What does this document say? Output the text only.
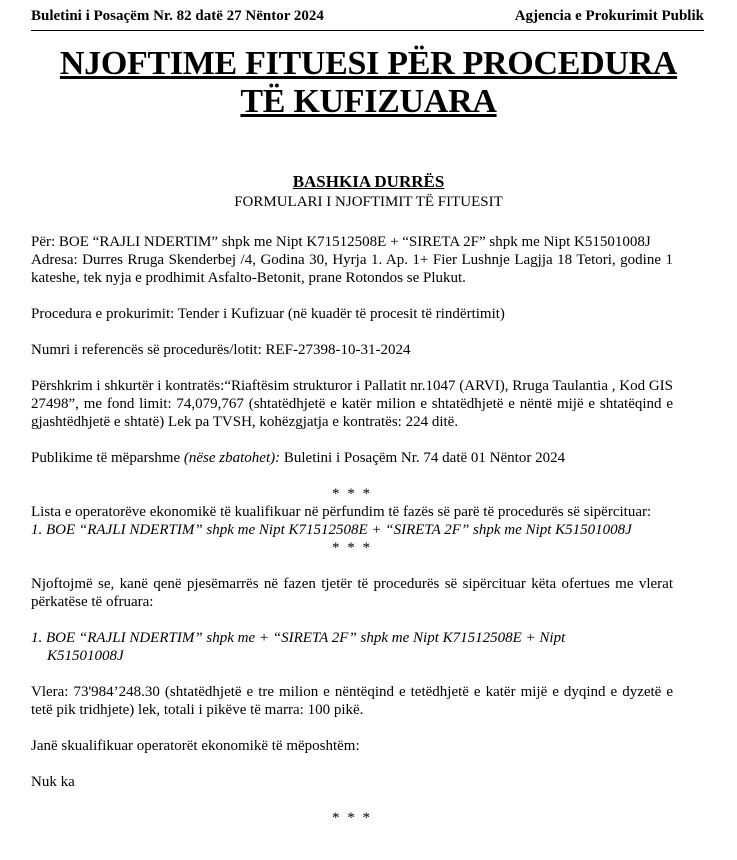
Buletini i Posaçëm Nr. 82 datë 27 Nëntor 2024	Agjencia e Prokurimit Publik
NJOFTIME FITUESI PËR PROCEDURA
TË KUFIZUARA
BASHKIA DURRËS
FORMULARI I NJOFTIMIT TË FITUESIT

Për: BOE “RAJLI NDERTIM” shpk me Nipt K71512508E + “SIRETA 2F” shpk me Nipt K51501008J

Adresa: Durres Rruga Skenderbej /4, Godina 30, Hyrja 1. Ap. 1+ Fier Lushnje Lagjja 18 Tetori, godine 1 kateshe, tek nyja e prodhimit Asfalto-Betonit, prane Rotondos se Plukut.

Procedura e prokurimit: Tender i Kufizuar (në kuadër të procesit të rindërtimit)

Numri i referencës së procedurës/lotit: REF-27398-10-31-2024

Përshkrim i shkurtër i kontratës:“Riaftësim strukturor i Pallatit nr.1047 (ARVI), Rruga Taulantia , Kod GIS 27498”, me fond limit: 74,079,767 (shtatëdhjetë e katër milion e shtatëdhjetë e nëntë mijë e shtatëqind e gjashtëdhjetë e shtatë) Lek pa TVSH, kohëzgjatja e kontratës: 224 ditë.

Publikime të mëparshme (nëse zbatohet): Buletini i Posaçëm Nr. 74 datë 01 Nëntor 2024

* * *

Lista e operatorëve ekonomikë të kualifikuar në përfundim të fazës së parë të procedurës së sipërcituar:

1. BOE “RAJLI NDERTIM” shpk me Nipt K71512508E + “SIRETA 2F” shpk me Nipt K51501008J

* * *

Njoftojmë se, kanë qenë pjesëmarrës në fazen tjetër të procedurës së sipërcituar këta ofertues me vlerat përkatëse të ofruara:

1. BOE “RAJLI NDERTIM” shpk me + “SIRETA 2F” shpk me Nipt K71512508E + Nipt

K51501008J

Vlera: 73'984’248.30 (shtatëdhjetë e tre milion e nëntëqind e tetëdhjetë e katër mijë e dyqind e dyzetë e tetë pik tridhjete) lek, totali i pikëve të marra: 100 pikë.

Janë skualifikuar operatorët ekonomikë të mëposhtëm:

Nuk ka

* * *
